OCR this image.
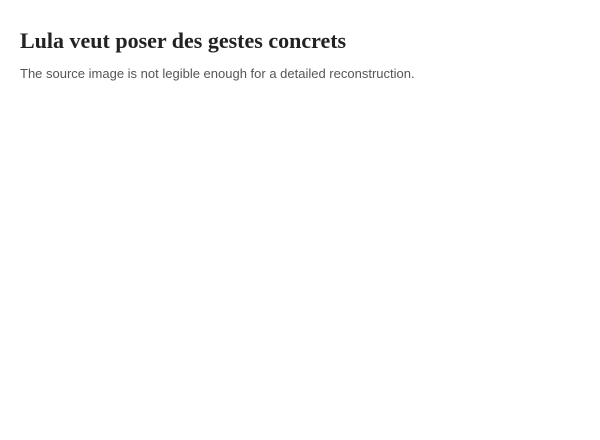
Lula veut poser des gestes concrets

The source image is not legible enough for a detailed reconstruction.
